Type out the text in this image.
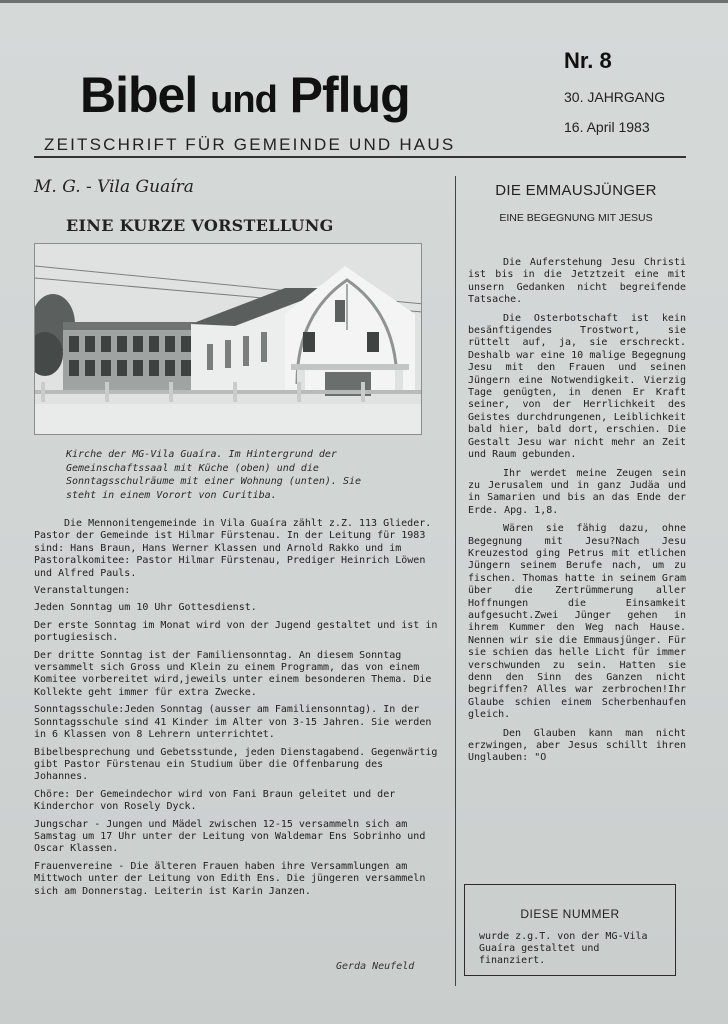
Bibel und Pflug
ZEITSCHRIFT FÜR GEMEINDE UND HAUS
Nr. 8
30. JAHRGANG
16. April 1983
M. G. - Vila Guaíra
EINE KURZE VORSTELLUNG
Kirche der MG-Vila Guaíra. Im Hintergrund der Gemeinschaftssaal mit Küche (oben) und die Sonntagsschulräume mit einer Wohnung (unten). Sie steht in einem Vorort von Curitiba.

Die Mennonitengemeinde in Vila Guaíra zählt z.Z. 113 Glieder. Pastor der Gemeinde ist Hilmar Fürstenau. In der Leitung für 1983 sind: Hans Braun, Hans Werner Klassen und Arnold Rakko und im Pastoralkomitee: Pastor Hilmar Fürstenau, Prediger Heinrich Löwen und Alfred Pauls.

Veranstaltungen:

Jeden Sonntag um 10 Uhr Gottesdienst.

Der erste Sonntag im Monat wird von der Jugend gestaltet und ist in portugiesisch.

Der dritte Sonntag ist der Familiensonntag. An diesem Sonntag versammelt sich Gross und Klein zu einem Programm, das von einem Komitee vorbereitet wird,jeweils unter einem besonderen Thema. Die Kollekte geht immer für extra Zwecke.

Sonntagsschule:Jeden Sonntag (ausser am Familiensonntag). In der Sonntagsschule sind 41 Kinder im Alter von 3-15 Jahren. Sie werden in 6 Klassen von 8 Lehrern unterrichtet.

Bibelbesprechung und Gebetsstunde, jeden Dienstagabend. Gegenwärtig gibt Pastor Fürstenau ein Studium über die Offenbarung des Johannes.

Chöre: Der Gemeindechor wird von Fani Braun geleitet und der Kinderchor von Rosely Dyck.

Jungschar - Jungen und Mädel zwischen 12-15 versammeln sich am Samstag um 17 Uhr unter der Leitung von Waldemar Ens Sobrinho und Oscar Klassen.

Frauenvereine - Die älteren Frauen haben ihre Versammlungen am Mittwoch unter der Leitung von Edith Ens. Die jüngeren versammeln sich am Donnerstag. Leiterin ist Karin Janzen.

Gerda Neufeld
DIE EMMAUSJÜNGER
EINE BEGEGNUNG MIT JESUS

Die Auferstehung Jesu Christi ist bis in die Jetztzeit eine mit unsern Gedanken nicht begreifende Tatsache.

Die Osterbotschaft ist kein besänftigendes Trostwort, sie rüttelt auf, ja, sie erschreckt. Deshalb war eine 10 malige Begegnung Jesu mit den Frauen und seinen Jüngern eine Notwendigkeit. Vierzig Tage genügten, in denen Er Kraft seiner, von der Herrlichkeit des Geistes durchdrungenen, Leiblichkeit bald hier, bald dort, erschien. Die Gestalt Jesu war nicht mehr an Zeit und Raum gebunden.

Ihr werdet meine Zeugen sein zu Jerusalem und in ganz Judäa und in Samarien und bis an das Ende der Erde. Apg. 1,8.

Wären sie fähig dazu, ohne Begegnung mit Jesu?Nach Jesu Kreuzestod ging Petrus mit etlichen Jüngern seinem Berufe nach, um zu fischen. Thomas hatte in seinem Gram über die Zertrümmerung aller Hoffnungen die Einsamkeit aufgesucht.Zwei Jünger gehen in ihrem Kummer den Weg nach Hause. Nennen wir sie die Emmausjünger. Für sie schien das helle Licht für immer verschwunden zu sein. Hatten sie denn den Sinn des Ganzen nicht begriffen? Alles war zerbrochen!Ihr Glaube schien einem Scherbenhaufen gleich.

Den Glauben kann man nicht erzwingen, aber Jesus schillt ihren Unglauben: "O

DIESE NUMMER
wurde z.g.T. von der MG-Vila Guaíra gestaltet und finanziert.
